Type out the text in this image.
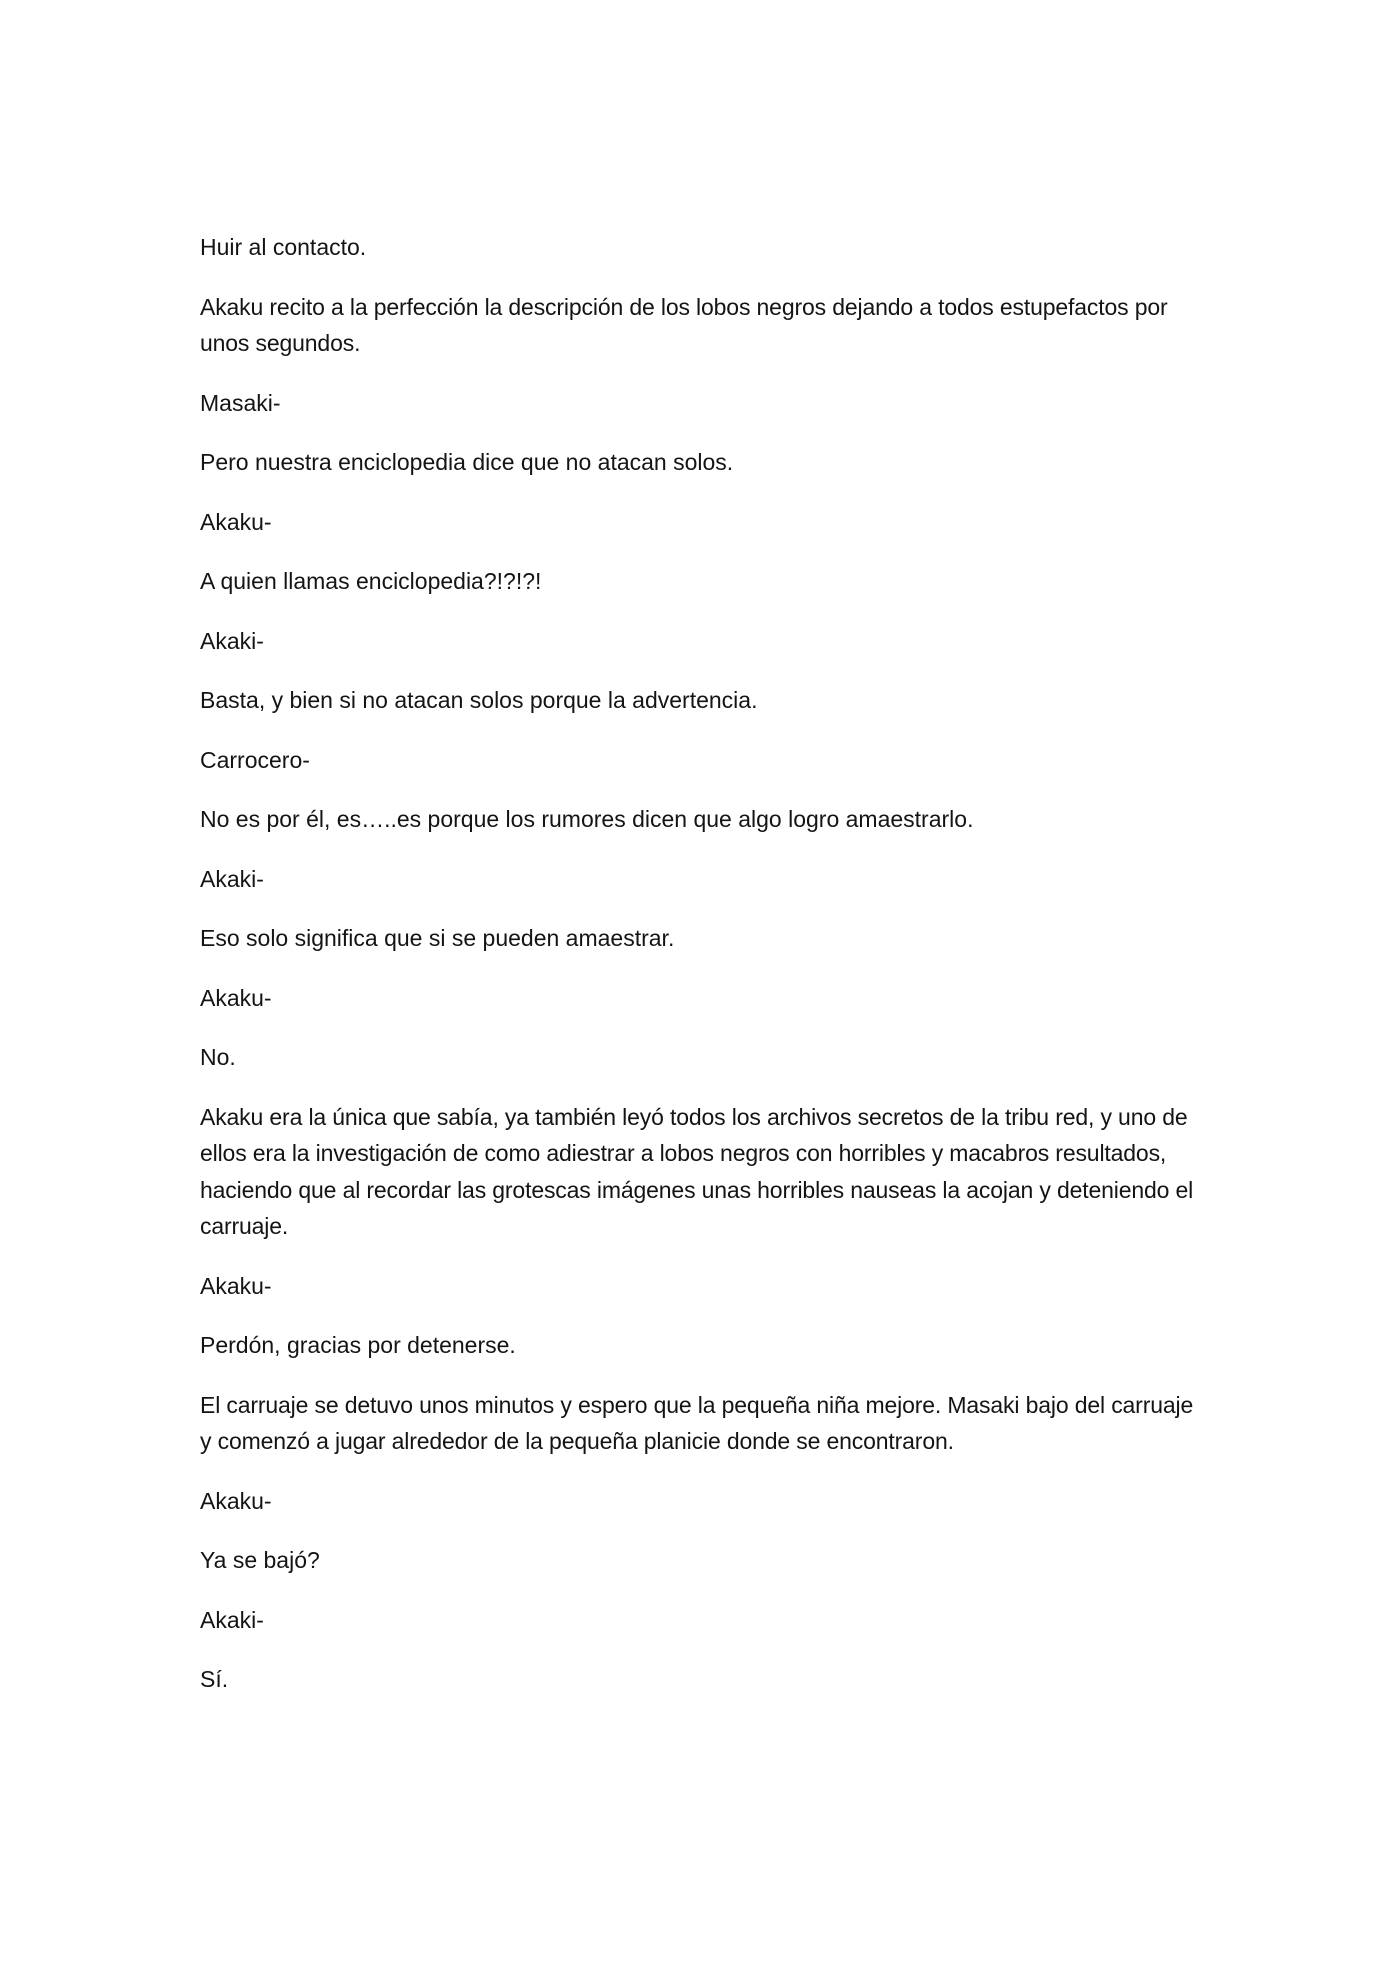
Huir al contacto.

Akaku recito a la perfección la descripción de los lobos negros dejando a todos estupefactos por unos segundos.

Masaki-

Pero nuestra enciclopedia dice que no atacan solos.

Akaku-

A quien llamas enciclopedia?!?!?!

Akaki-

Basta, y bien si no atacan solos porque la advertencia.

Carrocero-

No es por él, es…..es porque los rumores dicen que algo logro amaestrarlo.

Akaki-

Eso solo significa que si se pueden amaestrar.

Akaku-

No.

Akaku era la única que sabía, ya también leyó todos los archivos secretos de la tribu red, y uno de ellos era la investigación de como adiestrar a lobos negros con horribles y macabros resultados, haciendo que al recordar las grotescas imágenes unas horribles nauseas la acojan y deteniendo el carruaje.

Akaku-

Perdón, gracias por detenerse.

El carruaje se detuvo unos minutos y espero que la pequeña niña mejore. Masaki bajo del carruaje y comenzó a jugar alrededor de la pequeña planicie donde se encontraron.

Akaku-

Ya se bajó?

Akaki-

Sí.
